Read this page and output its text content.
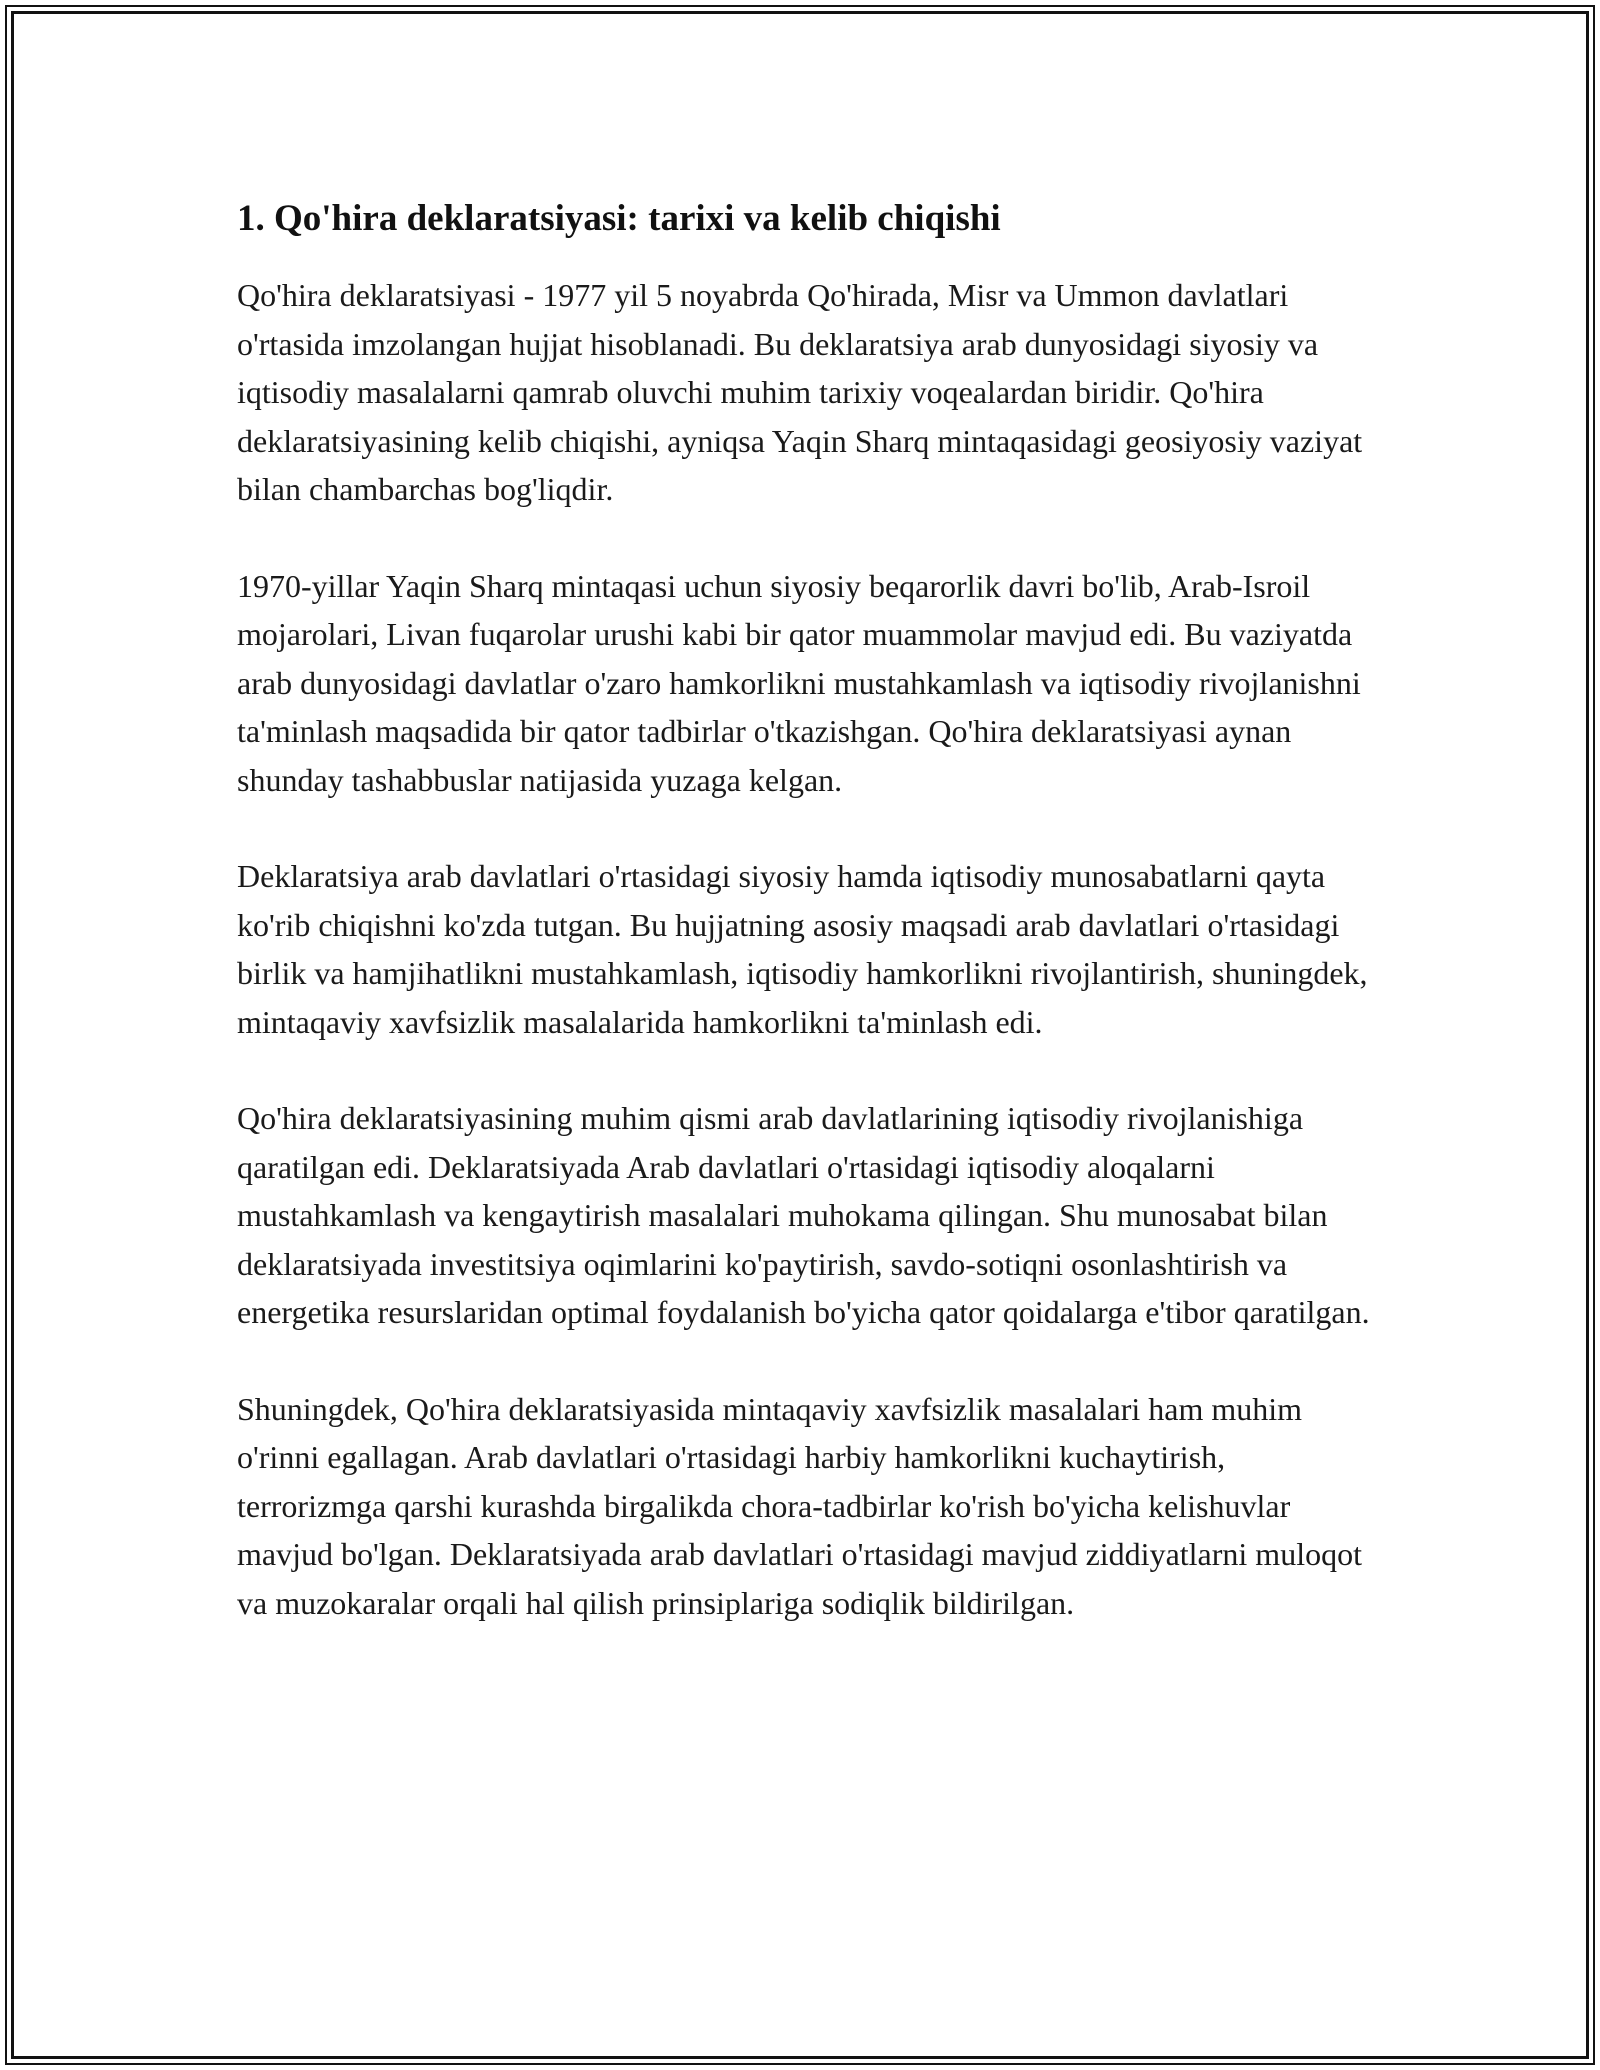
1. Qo'hira deklaratsiyasi: tarixi va kelib chiqishi

Qo'hira deklaratsiyasi - 1977 yil 5 noyabrda Qo'hirada, Misr va Ummon davlatlari o'rtasida imzolangan hujjat hisoblanadi. Bu deklaratsiya arab dunyosidagi siyosiy va iqtisodiy masalalarni qamrab oluvchi muhim tarixiy voqealardan biridir. Qo'hira deklaratsiyasining kelib chiqishi, ayniqsa Yaqin Sharq mintaqasidagi geosiyosiy vaziyat bilan chambarchas bog'liqdir.

1970-yillar Yaqin Sharq mintaqasi uchun siyosiy beqarorlik davri bo'lib, Arab-Isroil mojarolari, Livan fuqarolar urushi kabi bir qator muammolar mavjud edi. Bu vaziyatda arab dunyosidagi davlatlar o'zaro hamkorlikni mustahkamlash va iqtisodiy rivojlanishni ta'minlash maqsadida bir qator tadbirlar o'tkazishgan. Qo'hira deklaratsiyasi aynan shunday tashabbuslar natijasida yuzaga kelgan.

Deklaratsiya arab davlatlari o'rtasidagi siyosiy hamda iqtisodiy munosabatlarni qayta ko'rib chiqishni ko'zda tutgan. Bu hujjatning asosiy maqsadi arab davlatlari o'rtasidagi birlik va hamjihatlikni mustahkamlash, iqtisodiy hamkorlikni rivojlantirish, shuningdek, mintaqaviy xavfsizlik masalalarida hamkorlikni ta'minlash edi.

Qo'hira deklaratsiyasining muhim qismi arab davlatlarining iqtisodiy rivojlanishiga qaratilgan edi. Deklaratsiyada Arab davlatlari o'rtasidagi iqtisodiy aloqalarni mustahkamlash va kengaytirish masalalari muhokama qilingan. Shu munosabat bilan deklaratsiyada investitsiya oqimlarini ko'paytirish, savdo-sotiqni osonlashtirish va energetika resurslaridan optimal foydalanish bo'yicha qator qoidalarga e'tibor qaratilgan.

Shuningdek, Qo'hira deklaratsiyasida mintaqaviy xavfsizlik masalalari ham muhim o'rinni egallagan. Arab davlatlari o'rtasidagi harbiy hamkorlikni kuchaytirish, terrorizmga qarshi kurashda birgalikda chora-tadbirlar ko'rish bo'yicha kelishuvlar mavjud bo'lgan. Deklaratsiyada arab davlatlari o'rtasidagi mavjud ziddiyatlarni muloqot va muzokaralar orqali hal qilish prinsiplariga sodiqlik bildirilgan.
